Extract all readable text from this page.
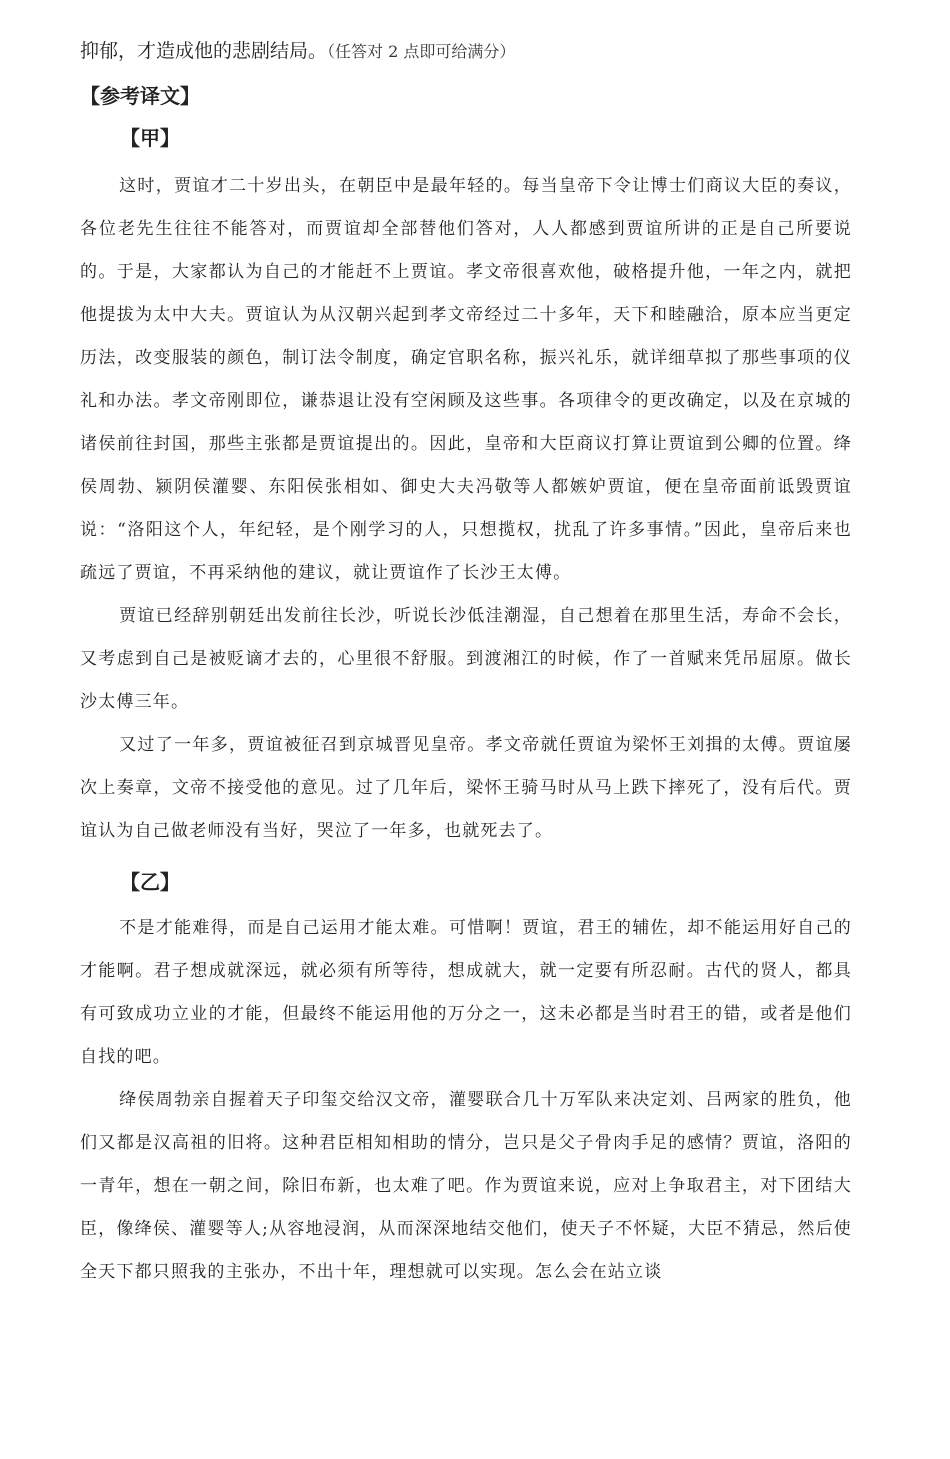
抑郁，才造成他的悲剧结局。（任答对 2 点即可给满分）

【参考译文】

【甲】

这时，贾谊才二十岁出头，在朝臣中是最年轻的。每当皇帝下令让博士们商议大臣的奏议，各位老先生往往不能答对，而贾谊却全部替他们答对，人人都感到贾谊所讲的正是自己所要说的。于是，大家都认为自己的才能赶不上贾谊。孝文帝很喜欢他，破格提升他，一年之内，就把他提拔为太中大夫。贾谊认为从汉朝兴起到孝文帝经过二十多年，天下和睦融洽，原本应当更定历法，改变服装的颜色，制订法令制度，确定官职名称，振兴礼乐，就详细草拟了那些事项的仪礼和办法。孝文帝刚即位，谦恭退让没有空闲顾及这些事。各项律令的更改确定，以及在京城的诸侯前往封国，那些主张都是贾谊提出的。因此，皇帝和大臣商议打算让贾谊到公卿的位置。绛侯周勃、颍阴侯灌婴、东阳侯张相如、御史大夫冯敬等人都嫉妒贾谊，便在皇帝面前诋毁贾谊说：“洛阳这个人，年纪轻，是个刚学习的人，只想揽权，扰乱了许多事情。”因此，皇帝后来也疏远了贾谊，不再采纳他的建议，就让贾谊作了长沙王太傅。

贾谊已经辞别朝廷出发前往长沙，听说长沙低洼潮湿，自己想着在那里生活，寿命不会长，又考虑到自己是被贬谪才去的，心里很不舒服。到渡湘江的时候，作了一首赋来凭吊屈原。做长沙太傅三年。

又过了一年多，贾谊被征召到京城晋见皇帝。孝文帝就任贾谊为梁怀王刘揖的太傅。贾谊屡次上奏章，文帝不接受他的意见。过了几年后，梁怀王骑马时从马上跌下摔死了，没有后代。贾谊认为自己做老师没有当好，哭泣了一年多，也就死去了。

【乙】

不是才能难得，而是自己运用才能太难。可惜啊！贾谊，君王的辅佐，却不能运用好自己的才能啊。君子想成就深远，就必须有所等待，想成就大，就一定要有所忍耐。古代的贤人，都具有可致成功立业的才能，但最终不能运用他的万分之一，这未必都是当时君王的错，或者是他们自找的吧。

绛侯周勃亲自握着天子印玺交给汉文帝，灌婴联合几十万军队来决定刘、吕两家的胜负，他们又都是汉高祖的旧将。这种君臣相知相助的情分，岂只是父子骨肉手足的感情？贾谊，洛阳的一青年，想在一朝之间，除旧布新，也太难了吧。作为贾谊来说，应对上争取君主，对下团结大臣，像绛侯、灌婴等人;从容地浸润，从而深深地结交他们，使天子不怀疑，大臣不猜忌，然后使全天下都只照我的主张办，不出十年，理想就可以实现。怎么会在站立谈
